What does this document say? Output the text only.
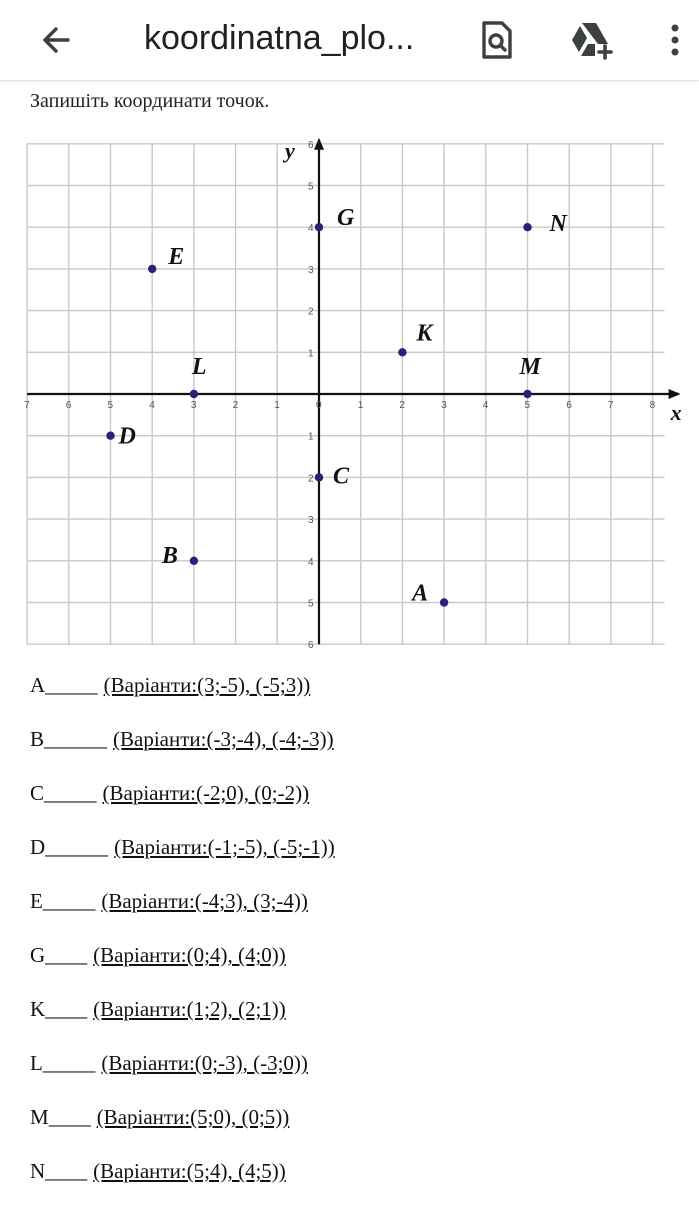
koordinatna_plo...
Запишіть координати точок.
x
y
7	6	5	4	3	2	1	0	1	2	3	4	5	6	7	8
6
5
4
3
2
1
1
2
3
4
5
6
A
B
C
D
E
G
K
L	M
N
A_____ (Варіанти:(3;-5), (-5;3))
B______ (Варіанти:(-3;-4), (-4;-3))
C_____ (Варіанти:(-2;0), (0;-2))
D______ (Варіанти:(-1;-5), (-5;-1))
E_____ (Варіанти:(-4;3), (3;-4))
G____ (Варіанти:(0;4), (4;0))
K____ (Варіанти:(1;2), (2;1))
L_____ (Варіанти:(0;-3), (-3;0))
M____ (Варіанти:(5;0), (0;5))
N____ (Варіанти:(5;4), (4;5))
